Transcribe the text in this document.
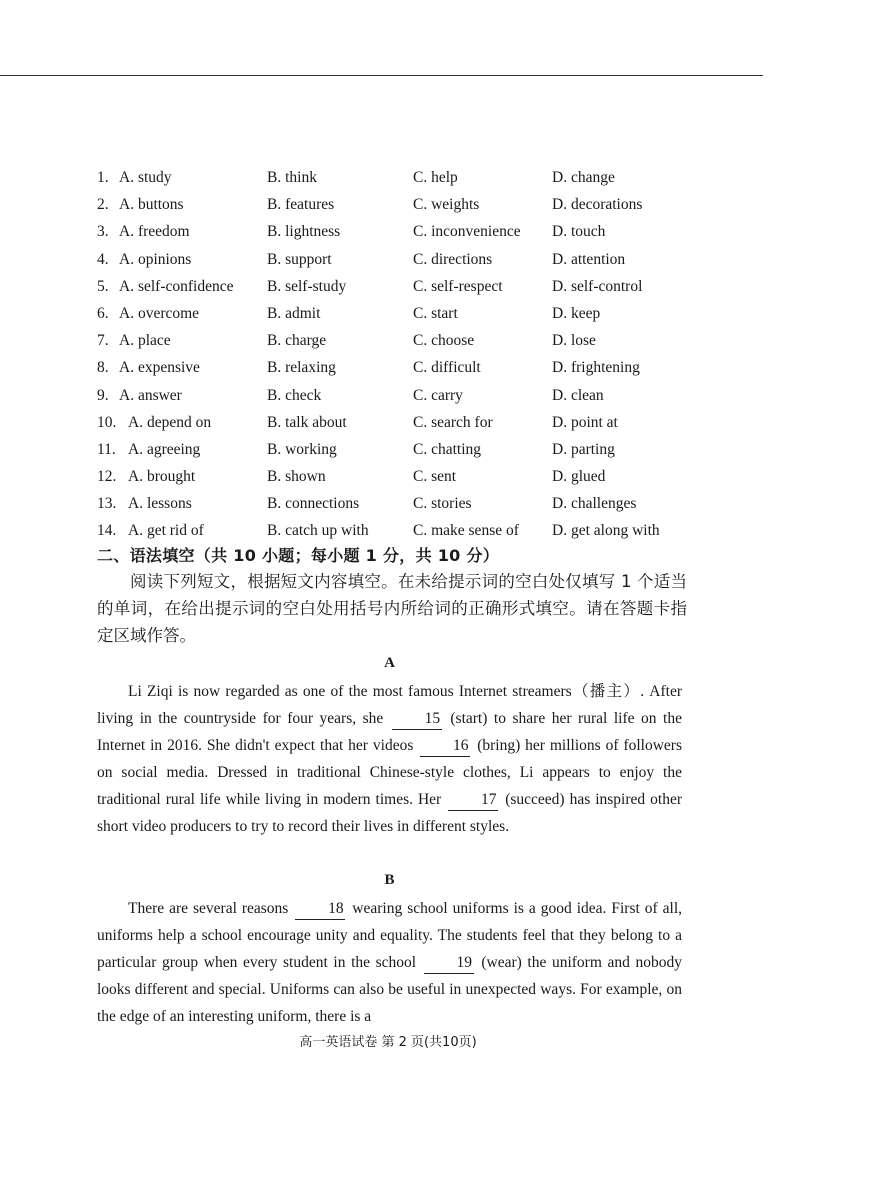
1. A. study	B. think	C. help	D. change
2. A. buttons	B. features	C. weights	D. decorations
3. A. freedom	B. lightness	C. inconvenience D. touch
4. A. opinions	B. support	C. directions	D. attention
5. A. self-confidence B. self-study	C. self-respect	D. self-control
6. A. overcome	B. admit	C. start	D. keep
7. A. place	B. charge	C. choose	D. lose
8. A. expensive	B. relaxing	C. difficult	D. frightening
9. A. answer	B. check	C. carry	D. clean
10. A. depend on	B. talk about	C. search for	D. point at
11. A. agreeing	B. working	C. chatting	D. parting
12. A. brought	B. shown	C. sent	D. glued
13. A. lessons	B. connections	C. stories	D. challenges
14. A. get rid of	B. catch up with	C. make sense of D. get along with
二、语法填空（共 10 小题；每小题 1 分，共 10 分）
阅读下列短文，根据短文内容填空。在未给提示词的空白处仅填写 1 个适当的单词，在给出提示词的空白处用括号内所给词的正确形式填空。请在答题卡指定区域作答。
A

Li Ziqi is now regarded as one of the most famous Internet streamers（播主）. After living in the countryside for four years, she 15 (start) to share her rural life on the Internet in 2016. She didn't expect that her videos 16 (bring) her millions of followers on social media. Dressed in traditional Chinese-style clothes, Li appears to enjoy the traditional rural life while living in modern times. Her 17 (succeed) has inspired other short video producers to try to record their lives in different styles.

B

There are several reasons 18 wearing school uniforms is a good idea. First of all, uniforms help a school encourage unity and equality. The students feel that they belong to a particular group when every student in the school 19 (wear) the uniform and nobody looks different and special. Uniforms can also be useful in unexpected ways. For example, on the edge of an interesting uniform, there is a

高一英语试卷 第 2 页(共10页)
